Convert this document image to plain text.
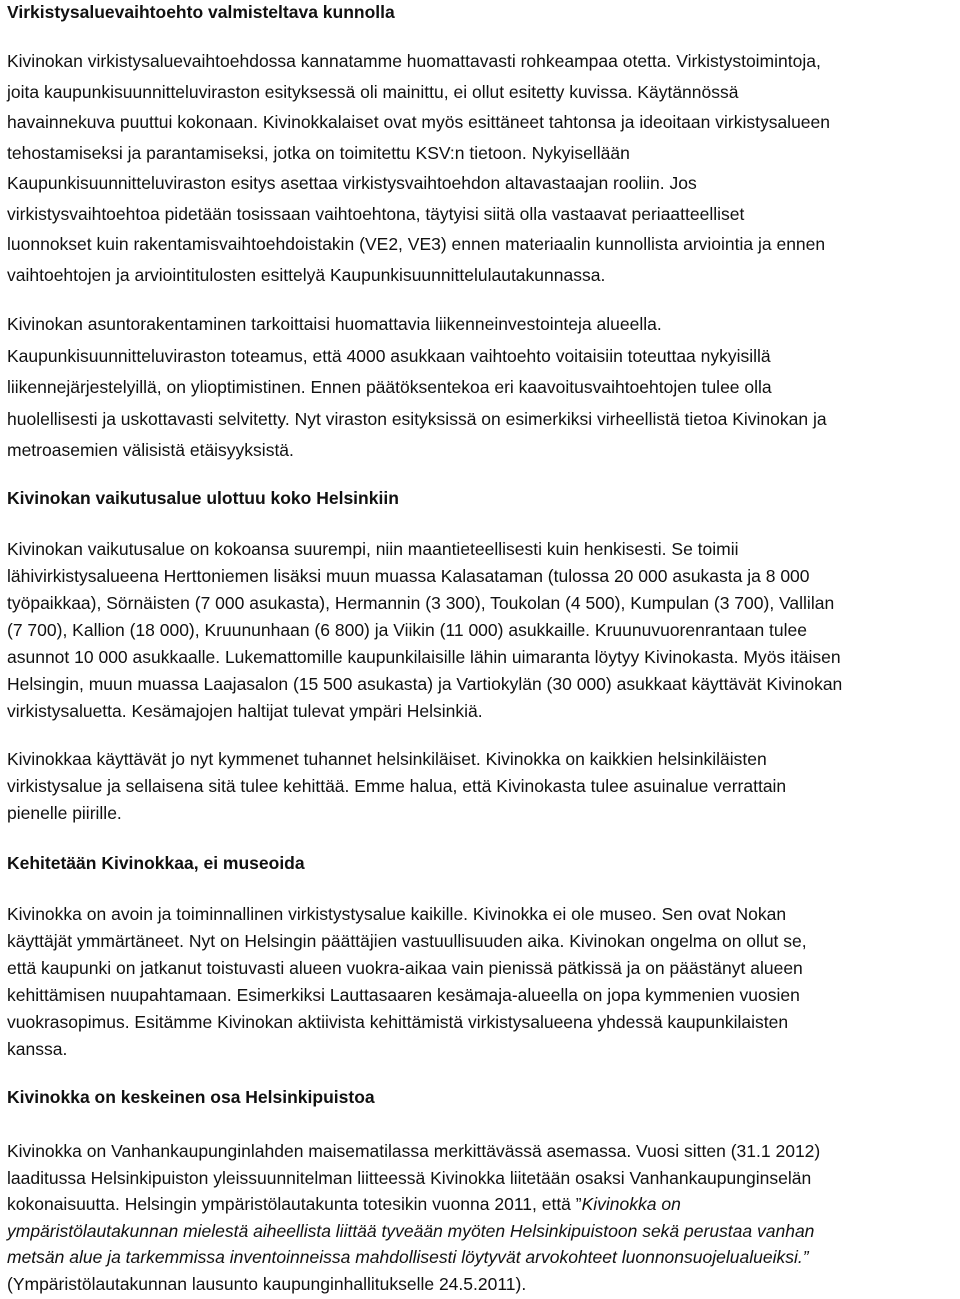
Virkistysaluevaihtoehto valmisteltava kunnolla

Kivinokan virkistysaluevaihtoehdossa kannatamme huomattavasti rohkeampaa otetta. Virkistystoimintoja,
joita kaupunkisuunnitteluviraston esityksessä oli mainittu, ei ollut esitetty kuvissa. Käytännössä
havainnekuva puuttui kokonaan. Kivinokkalaiset ovat myös esittäneet tahtonsa ja ideoitaan virkistysalueen
tehostamiseksi ja parantamiseksi, jotka on toimitettu KSV:n tietoon. Nykyisellään
Kaupunkisuunnitteluviraston esitys asettaa virkistysvaihtoehdon altavastaajan rooliin. Jos
virkistysvaihtoehtoa pidetään tosissaan vaihtoehtona, täytyisi siitä olla vastaavat periaatteelliset
luonnokset kuin rakentamisvaihtoehdoistakin (VE2, VE3) ennen materiaalin kunnollista arviointia ja ennen
vaihtoehtojen ja arviointitulosten esittelyä Kaupunkisuunnittelulautakunnassa.

Kivinokan asuntorakentaminen tarkoittaisi huomattavia liikenneinvestointeja alueella.
Kaupunkisuunnitteluviraston toteamus, että 4000 asukkaan vaihtoehto voitaisiin toteuttaa nykyisillä
liikennejärjestelyillä, on ylioptimistinen. Ennen päätöksentekoa eri kaavoitusvaihtoehtojen tulee olla
huolellisesti ja uskottavasti selvitetty. Nyt viraston esityksissä on esimerkiksi virheellistä tietoa Kivinokan ja
metroasemien välisistä etäisyyksistä.

Kivinokan vaikutusalue ulottuu koko Helsinkiin

Kivinokan vaikutusalue on kokoansa suurempi, niin maantieteellisesti kuin henkisesti. Se toimii
lähivirkistysalueena Herttoniemen lisäksi muun muassa Kalasataman (tulossa 20 000 asukasta ja 8 000
työpaikkaa), Sörnäisten (7 000 asukasta), Hermannin (3 300), Toukolan (4 500), Kumpulan (3 700), Vallilan
(7 700), Kallion (18 000), Kruununhaan (6 800) ja Viikin (11 000) asukkaille. Kruunuvuorenrantaan tulee
asunnot 10 000 asukkaalle. Lukemattomille kaupunkilaisille lähin uimaranta löytyy Kivinokasta. Myös itäisen
Helsingin, muun muassa Laajasalon (15 500 asukasta) ja Vartiokylän (30 000) asukkaat käyttävät Kivinokan
virkistysaluetta. Kesämajojen haltijat tulevat ympäri Helsinkiä.

Kivinokkaa käyttävät jo nyt kymmenet tuhannet helsinkiläiset. Kivinokka on kaikkien helsinkiläisten
virkistysalue ja sellaisena sitä tulee kehittää. Emme halua, että Kivinokasta tulee asuinalue verrattain
pienelle piirille.

Kehitetään Kivinokkaa, ei museoida

Kivinokka on avoin ja toiminnallinen virkistystysalue kaikille. Kivinokka ei ole museo. Sen ovat Nokan
käyttäjät ymmärtäneet. Nyt on Helsingin päättäjien vastuullisuuden aika. Kivinokan ongelma on ollut se,
että kaupunki on jatkanut toistuvasti alueen vuokra-aikaa vain pienissä pätkissä ja on päästänyt alueen
kehittämisen nuupahtamaan. Esimerkiksi Lauttasaaren kesämaja-alueella on jopa kymmenien vuosien
vuokrasopimus. Esitämme Kivinokan aktiivista kehittämistä virkistysalueena yhdessä kaupunkilaisten
kanssa.

Kivinokka on keskeinen osa Helsinkipuistoa

Kivinokka on Vanhankaupunginlahden maisematilassa merkittävässä asemassa. Vuosi sitten (31.1 2012)
laaditussa Helsinkipuiston yleissuunnitelman liitteessä Kivinokka liitetään osaksi Vanhankaupunginselän
kokonaisuutta. Helsingin ympäristölautakunta totesikin vuonna 2011, että ”Kivinokka on
ympäristölautakunnan mielestä aiheellista liittää tyveään myöten Helsinkipuistoon sekä perustaa vanhan
metsän alue ja tarkemmissa inventoinneissa mahdollisesti löytyvät arvokohteet luonnonsuojelualueiksi.”
(Ympäristölautakunnan lausunto kaupunginhallitukselle 24.5.2011).
